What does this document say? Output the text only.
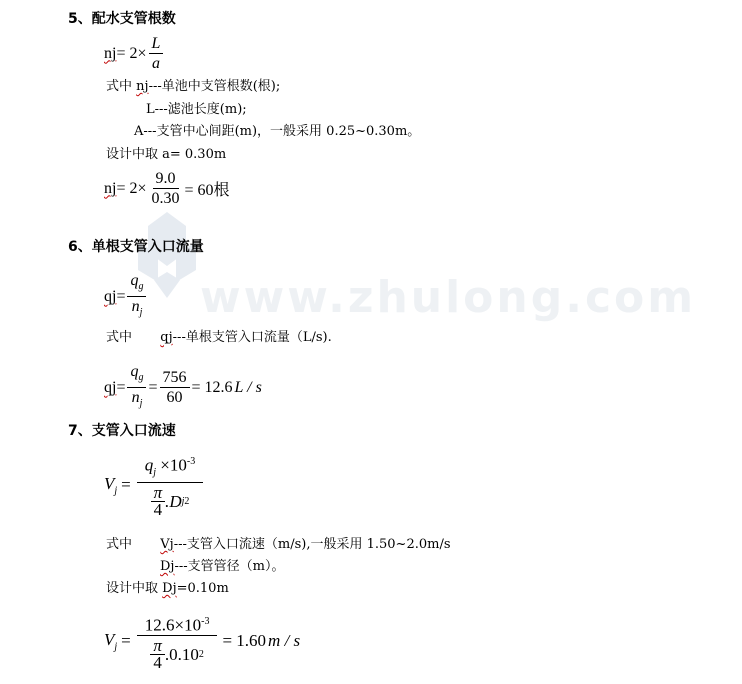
www.zhulong.com
5、配水支管根数
nj = $2\times \frac{L}{a}$
式中 nj---单池中支管根数(根);
L---滤池长度(m);
A---支管中心间距(m)，一般采用 0.25~0.30m。
设计中取 a= 0.30m
nj = $2\times \frac{9.0}{0.30} = 60$根
6、单根支管入口流量
qj = $\frac{q_g}{n_j}$
式中 qj---单根支管入口流量（L/s).
qj = $\frac{q_g}{n_j} = \frac{756}{60} = 12.6$ L / s
7、支管入口流速
$V_j = \frac{q_j \times 10^{-3}}{\frac{\pi}{4} .D j 2}$
式中 Vj---支管入口流速（m/s),一般采用 1.50~2.0m/s
Dj---支管管径（m）。
设计中取 Dj=0.10m
$V_j = \frac{12.6\times 10^{-3}}{\frac{\pi}{4} .0.10 2} = 1.60$ m / s
